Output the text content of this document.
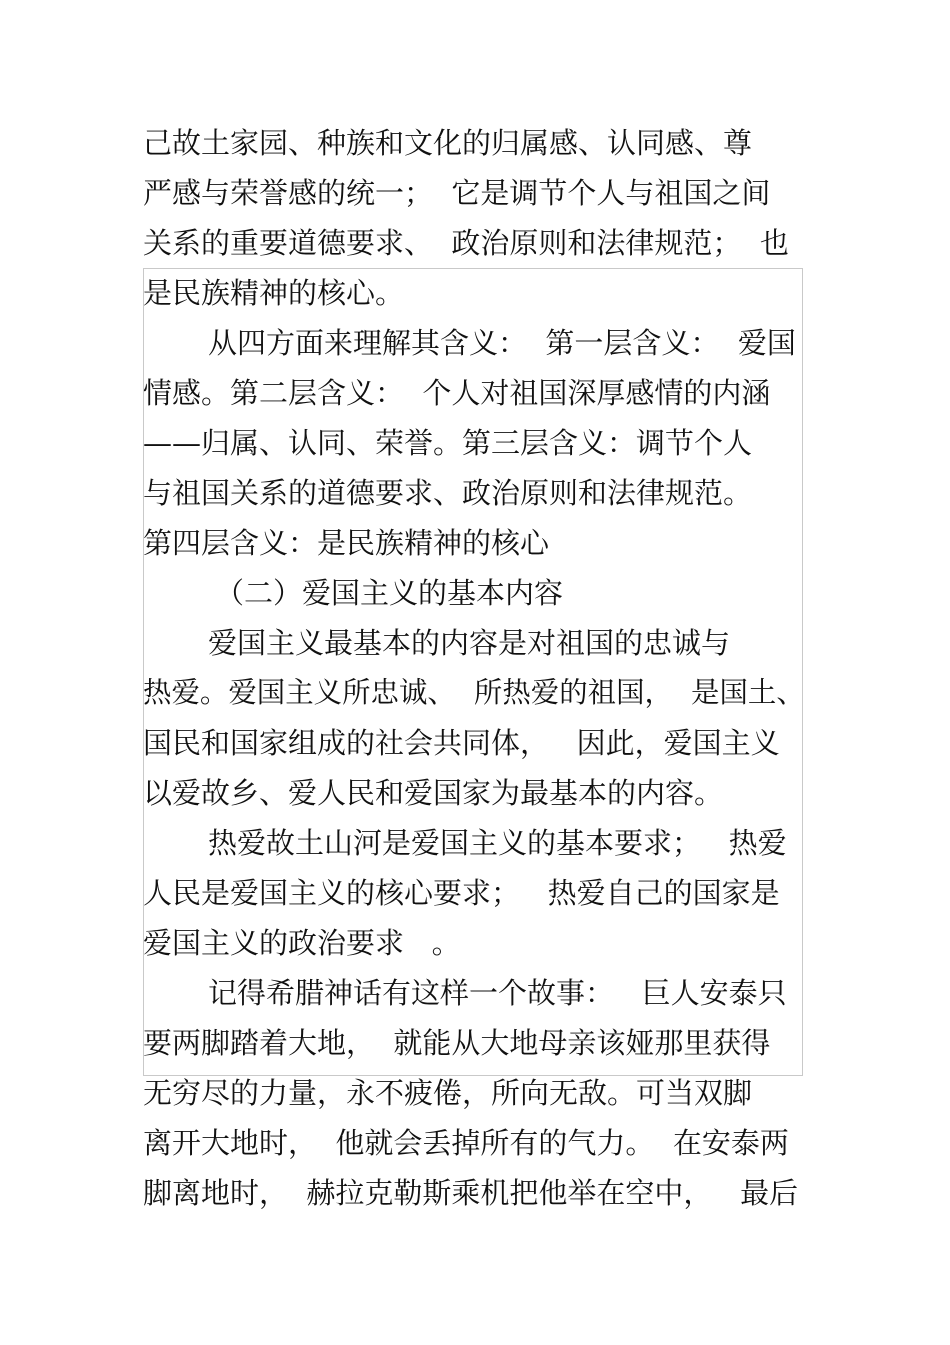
己故土家园、种族和文化的归属感、认同感、尊
严感与荣誉感的统一；  它是调节个人与祖国之间
关系的重要道德要求、  政治原则和法律规范；  也
是民族精神的核心。
从四方面来理解其含义：  第一层含义：  爱国
情感。第二层含义：  个人对祖国深厚感情的内涵
——归属、认同、荣誉。第三层含义：调节个人
与祖国关系的道德要求、政治原则和法律规范。
第四层含义：是民族精神的核心
（二）爱国主义的基本内容
爱国主义最基本的内容是对祖国的忠诚与
热爱。爱国主义所忠诚、  所热爱的祖国，  是国土、
国民和国家组成的社会共同体，   因此，爱国主义
以爱故乡、爱人民和爱国家为最基本的内容。
热爱故土山河是爱国主义的基本要求；   热爱
人民是爱国主义的核心要求；   热爱自己的国家是
爱国主义的政治要求   。
记得希腊神话有这样一个故事：   巨人安泰只
要两脚踏着大地，  就能从大地母亲该娅那里获得
无穷尽的力量，永不疲倦，所向无敌。可当双脚
离开大地时，  他就会丢掉所有的气力。  在安泰两
脚离地时，  赫拉克勒斯乘机把他举在空中，   最后
